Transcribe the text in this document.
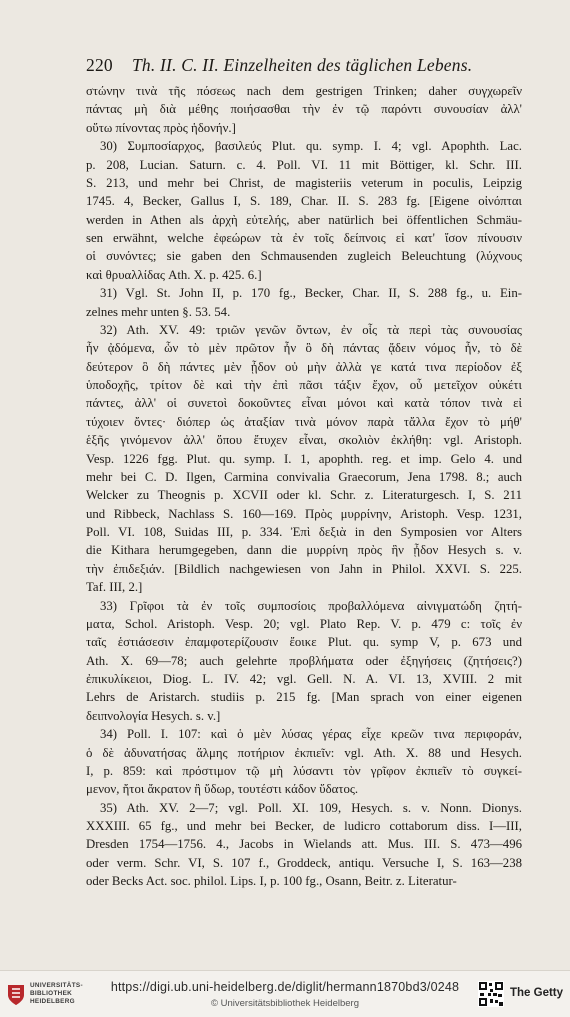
220 Th. II. C. II. Einzelheiten des täglichen Lebens.
στώνην τινὰ τῆς πόσεως nach dem gestrigen Trinken; daher συγχωρεῖν
πάντας μὴ διὰ μέθης ποιήσασθαι τὴν ἐν τῷ παρόντι συνουσίαν ἀλλ'
οὕτω πίνοντας πρὸς ἡδονήν.]
30) Συμποσίαρχος, βασιλεύς Plut. qu. symp. I. 4; vgl. Apophth. Lac.
p. 208, Lucian. Saturn. c. 4. Poll. VI. 11 mit Böttiger, kl. Schr. III.
S. 213, und mehr bei Christ, de magisteriis veterum in poculis, Leipzig
1745. 4, Becker, Gallus I, S. 189, Char. II. S. 283 fg. [Eigene οἰνόπται
werden in Athen als ἀρχὴ εὐτελής, aber natürlich bei öffentlichen Schmäu-
sen erwähnt, welche ἐφεώρων τὰ ἐν τοῖς δείπνοις εἰ κατ' ἴσον πίνουσιν
οἱ συνόντες; sie gaben den Schmausenden zugleich Beleuchtung (λύχνους
καὶ θρυαλλίδας Ath. X. p. 425. 6.]
31) Vgl. St. John II, p. 170 fg., Becker, Char. II, S. 288 fg., u. Ein-
zelnes mehr unten §. 53. 54.
32) Ath. XV. 49: τριῶν γενῶν ὄντων, ἐν οἷς τὰ περὶ τὰς συνουσίας
ἦν ᾀδόμενα, ὧν τὸ μὲν πρῶτον ἦν ὃ δὴ πάντας ᾄδειν νόμος ἦν, τὸ δὲ
δεύτερον ὃ δὴ πάντες μὲν ᾖδον οὐ μὴν ἀλλὰ γε κατά τινα περίοδον ἐξ
ὑποδοχῆς, τρίτον δὲ καὶ τὴν ἐπὶ πᾶσι τάξιν ἔχον, οὗ μετεῖχον οὐκέτι
πάντες, ἀλλ' οἱ συνετοὶ δοκοῦντες εἶναι μόνοι καὶ κατὰ τόπον τινὰ εἰ
τύχοιεν ὄντες· διόπερ ὡς ἀταξίαν τινὰ μόνον παρὰ τἄλλα ἔχον τὸ μήθ'
ἑξῆς γινόμενον ἀλλ' ὅπου ἔτυχεν εἶναι, σκολιὸν ἐκλήθη: vgl. Aristoph.
Vesp. 1226 fgg. Plut. qu. symp. I. 1, apophth. reg. et imp. Gelo 4. und
mehr bei C. D. Ilgen, Carmina convivalia Graecorum, Jena 1798. 8.; auch
Welcker zu Theognis p. XCVII oder kl. Schr. z. Literaturgesch. I, S. 211
und Ribbeck, Nachlass S. 160—169. Πρὸς μυρρίνην, Aristoph. Vesp. 1231,
Poll. VI. 108, Suidas III, p. 334. Ἐπὶ δεξιὰ in den Symposien vor Alters
die Kithara herumgegeben, dann die μυρρίνη πρὸς ἣν ᾖδον Hesych s. v.
τὴν ἐπιδεξιάν. [Bildlich nachgewiesen von Jahn in Philol. XXVI. S. 225.
Taf. III, 2.]
33) Γρῖφοι τὰ ἐν τοῖς συμποσίοις προβαλλόμενα αἰνιγματώδη ζητή-
ματα, Schol. Aristoph. Vesp. 20; vgl. Plato Rep. V. p. 479 c: τοῖς ἐν
ταῖς ἑστιάσεσιν ἐπαμφοτερίζουσιν ἔοικε Plut. qu. symp V, p. 673 und
Ath. X. 69—78; auch gelehrte προβλήματα oder ἐξηγήσεις (ζητήσεις?)
ἐπικυλίκειοι, Diog. L. IV. 42; vgl. Gell. N. A. VI. 13, XVIII. 2 mit
Lehrs de Aristarch. studiis p. 215 fg. [Man sprach von einer eigenen
δειπνολογία Hesych. s. v.]
34) Poll. I. 107: καὶ ὁ μὲν λύσας γέρας εἶχε κρεῶν τινα περιφοράν,
ὁ δὲ ἀδυνατήσας ἅλμης ποτήριον ἐκπιεῖν: vgl. Ath. X. 88 und Hesych.
I, p. 859: καὶ πρόστιμον τῷ μὴ λύσαντι τὸν γρῖφον ἐκπιεῖν τὸ συγκεί-
μενον, ἤτοι ἄκρατον ἢ ὕδωρ, τουτέστι κάδον ὕδατος.
35) Ath. XV. 2—7; vgl. Poll. XI. 109, Hesych. s. v. Nonn. Dionys.
XXXIII. 65 fg., und mehr bei Becker, de ludicro cottaborum diss. I—III,
Dresden 1754—1756. 4., Jacobs in Wielands att. Mus. III. S. 473—496
oder verm. Schr. VI, S. 107 f., Groddeck, antiqu. Versuche I, S. 163—238
oder Becks Act. soc. philol. Lips. I, p. 100 fg., Osann, Beitr. z. Literatur-
UNIVERSITÄTS-
BIBLIOTHEK
HEIDELBERG
https://digi.ub.uni-heidelberg.de/diglit/hermann1870bd3/0248
© Universitätsbibliothek Heidelberg
The Getty
